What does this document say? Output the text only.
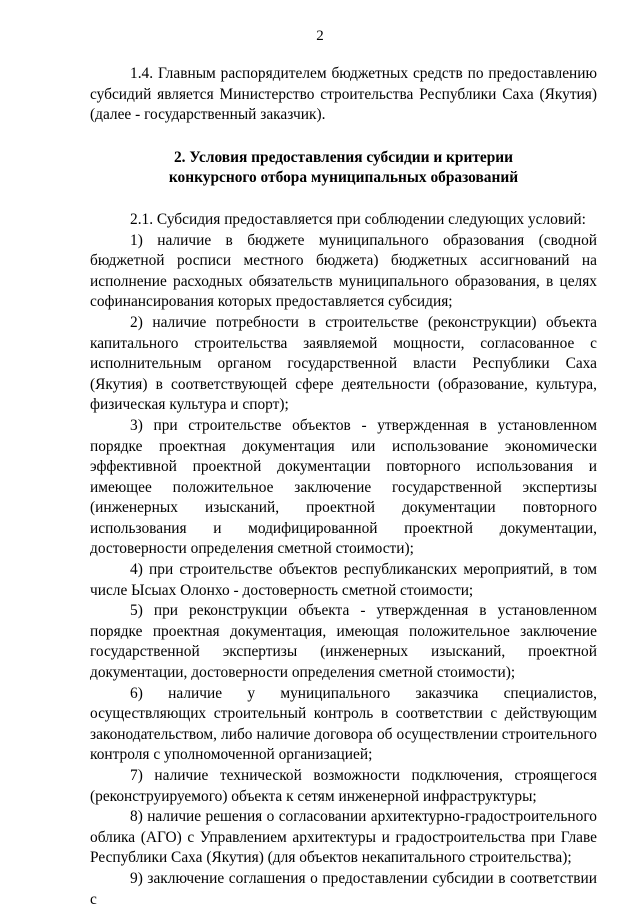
2

1.4. Главным распорядителем бюджетных средств по предоставлению субсидий является Министерство строительства Республики Саха (Якутия) (далее - государственный заказчик).

2. Условия предоставления субсидии и критерии
конкурсного отбора муниципальных образований

2.1. Субсидия предоставляется при соблюдении следующих условий:

1) наличие в бюджете муниципального образования (сводной бюджетной росписи местного бюджета) бюджетных ассигнований на исполнение расходных обязательств муниципального образования, в целях софинансирования которых предоставляется субсидия;

2) наличие потребности в строительстве (реконструкции) объекта капитального строительства заявляемой мощности, согласованное с исполнительным органом государственной власти Республики Саха (Якутия) в соответствующей сфере деятельности (образование, культура, физическая культура и спорт);

3) при строительстве объектов - утвержденная в установленном порядке проектная документация или использование экономически эффективной проектной документации повторного использования и имеющее положительное заключение государственной экспертизы (инженерных изысканий, проектной документации повторного использования и модифицированной проектной документации, достоверности определения сметной стоимости);

4) при строительстве объектов республиканских мероприятий, в том числе Ысыах Олонхо - достоверность сметной стоимости;

5) при реконструкции объекта - утвержденная в установленном порядке проектная документация, имеющая положительное заключение государственной экспертизы (инженерных изысканий, проектной документации, достоверности определения сметной стоимости);

6) наличие у муниципального заказчика специалистов, осуществляющих строительный контроль в соответствии с действующим законодательством, либо наличие договора об осуществлении строительного контроля с уполномоченной организацией;

7) наличие технической возможности подключения, строящегося (реконструируемого) объекта к сетям инженерной инфраструктуры;

8) наличие решения о согласовании архитектурно-градостроительного облика (АГО) с Управлением архитектуры и градостроительства при Главе Республики Саха (Якутия) (для объектов некапитального строительства);

9) заключение соглашения о предоставлении субсидии в соответствии с
